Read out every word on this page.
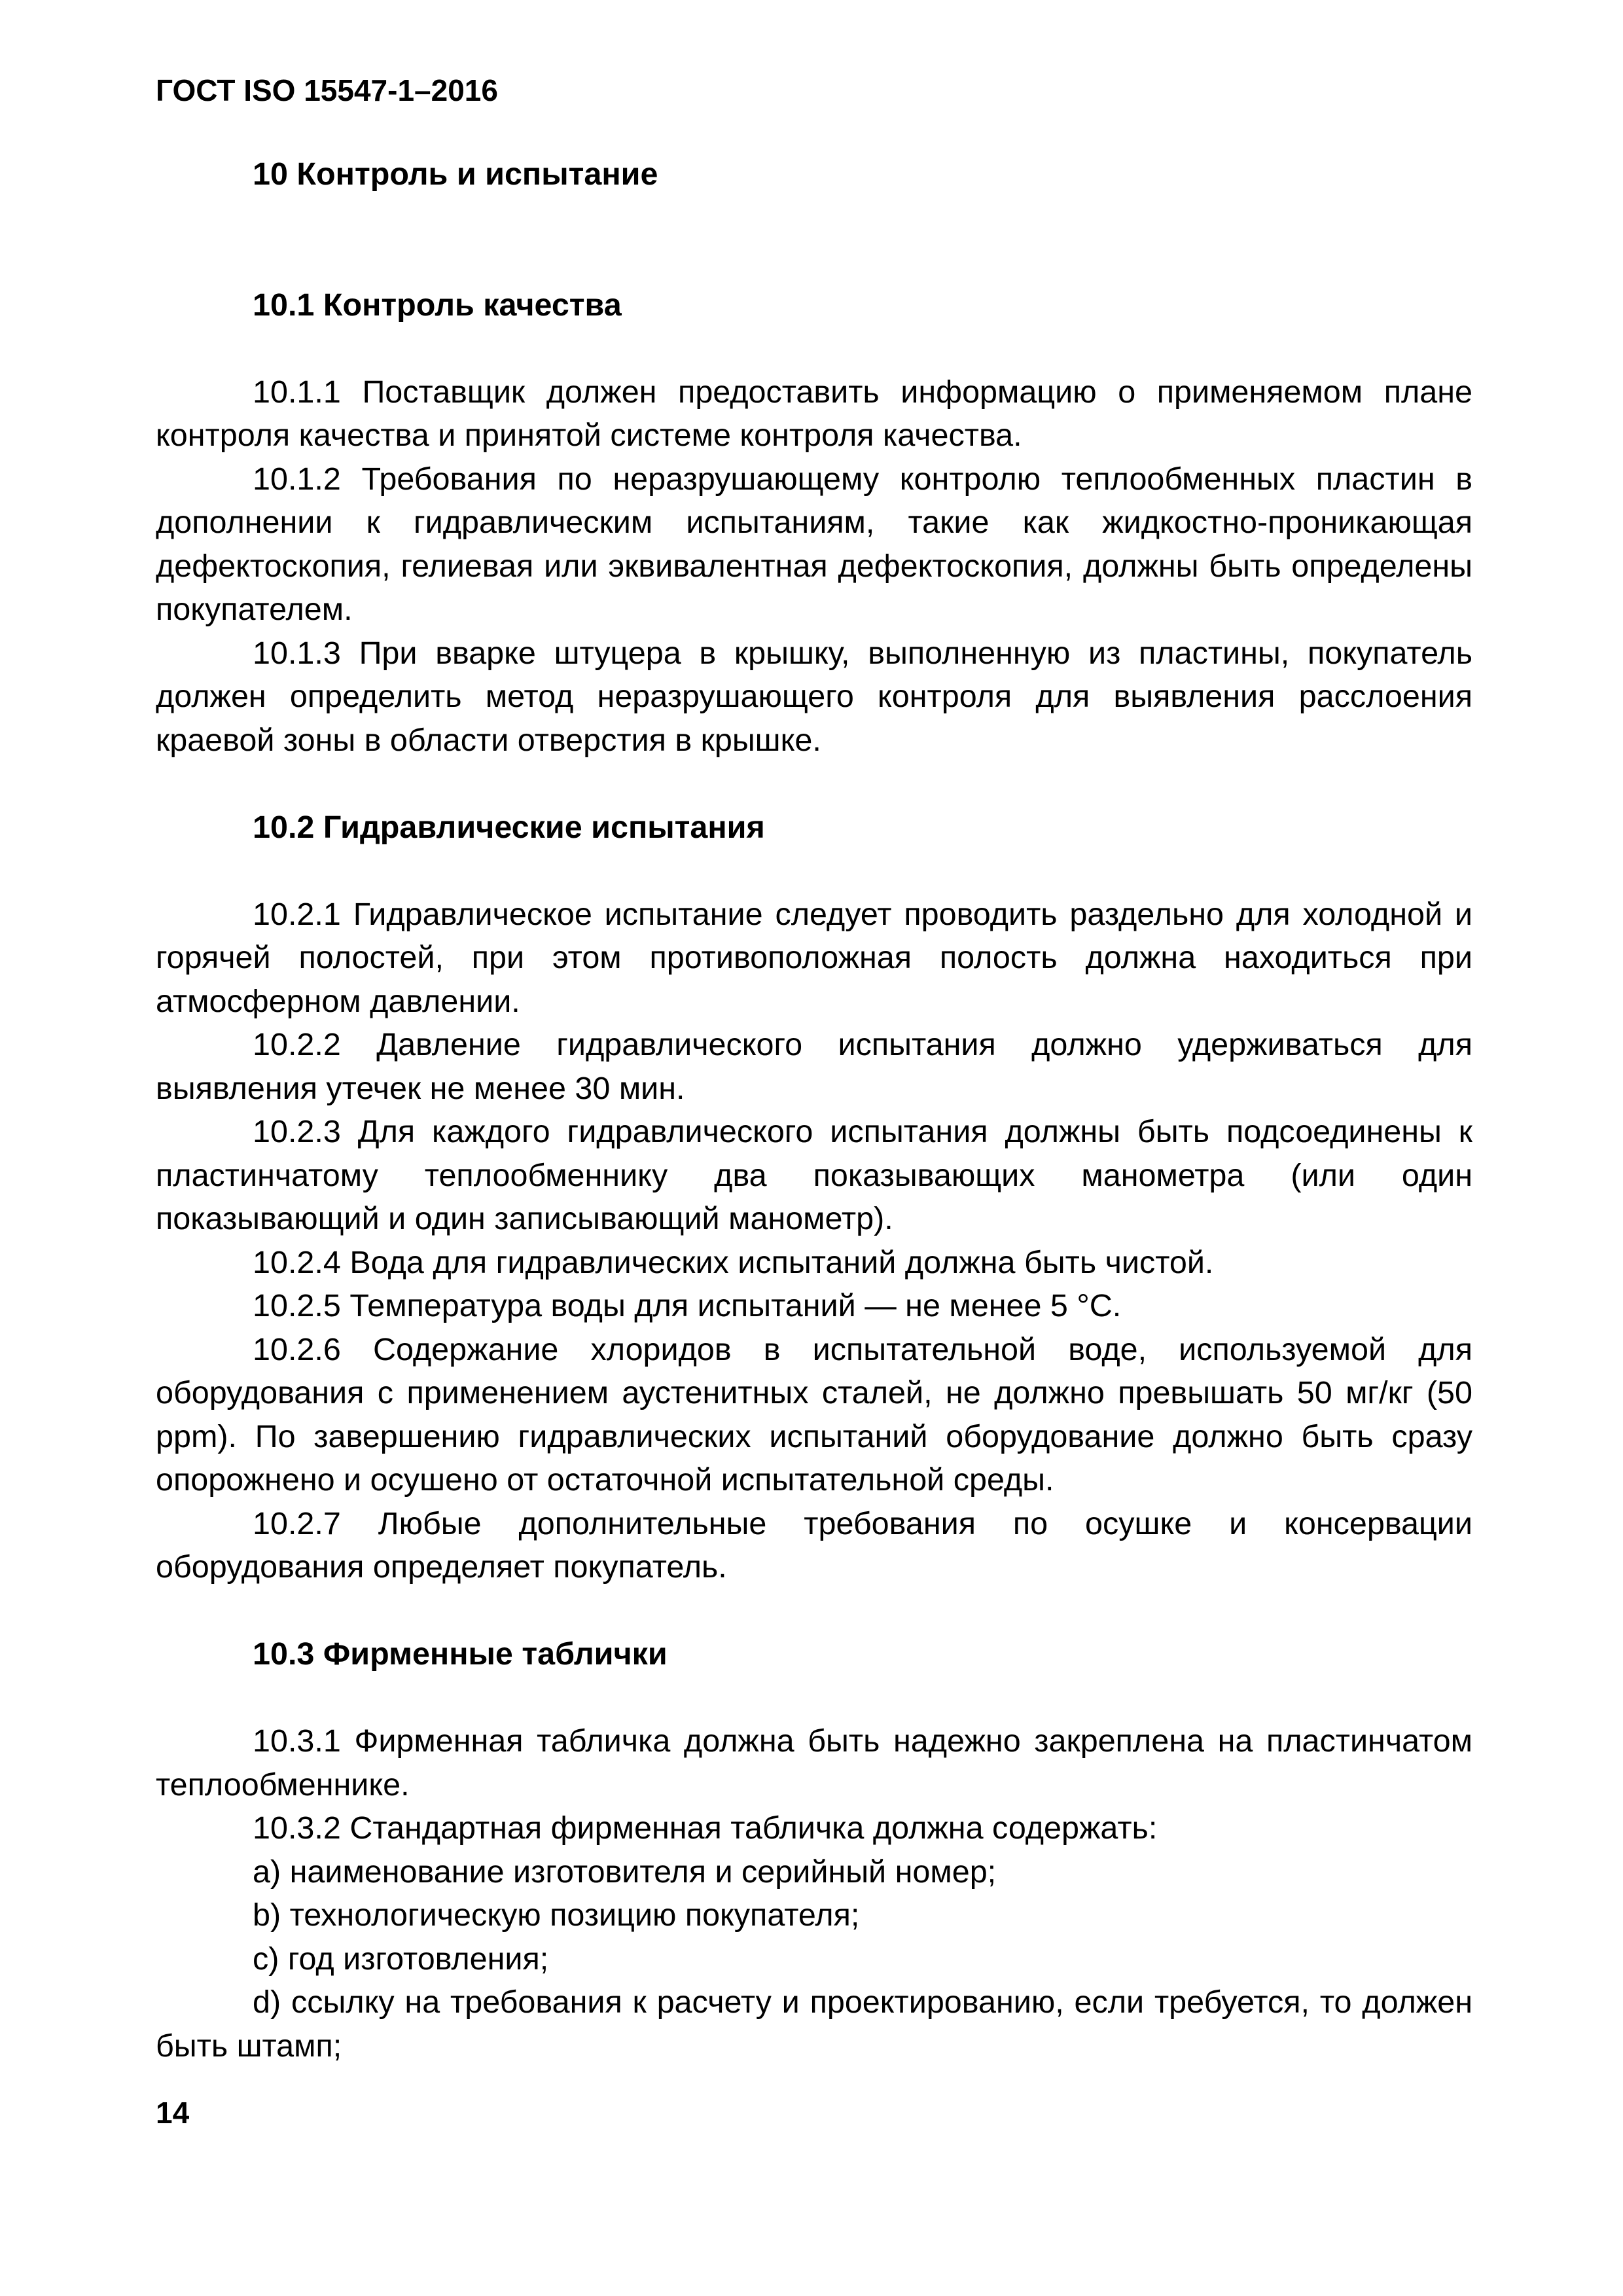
ГОСТ ISO 15547-1–2016
10 Контроль и испытание
10.1 Контроль качества

10.1.1 Поставщик должен предоставить информацию о применяемом плане контроля качества и принятой системе контроля качества.

10.1.2 Требования по неразрушающему контролю теплообменных пластин в дополнении к гидравлическим испытаниям, такие как жидкостно-проникающая дефектоскопия, гелиевая или эквивалентная дефектоскопия, должны быть определены покупателем.

10.1.3 При вварке штуцера в крышку, выполненную из пластины, покупатель должен определить метод неразрушающего контроля для выявления расслоения краевой зоны в области отверстия в крышке.

10.2 Гидравлические испытания

10.2.1 Гидравлическое испытание следует проводить раздельно для холодной и горячей полостей, при этом противоположная полость должна находиться при атмосферном давлении.

10.2.2 Давление гидравлического испытания должно удерживаться для выявления утечек не менее 30 мин.

10.2.3 Для каждого гидравлического испытания должны быть подсоединены к пластинчатому теплообменнику два показывающих манометра (или один показывающий и один записывающий манометр).

10.2.4 Вода для гидравлических испытаний должна быть чистой.

10.2.5 Температура воды для испытаний — не менее 5 °С.

10.2.6 Содержание хлоридов в испытательной воде, используемой для оборудования с применением аустенитных сталей, не должно превышать 50 мг/кг (50 ppm). По завершению гидравлических испытаний оборудование должно быть сразу опорожнено и осушено от остаточной испытательной среды.

10.2.7 Любые дополнительные требования по осушке и консервации оборудования определяет покупатель.

10.3 Фирменные таблички

10.3.1 Фирменная табличка должна быть надежно закреплена на пластинчатом теплообменнике.

10.3.2 Стандартная фирменная табличка должна содержать:

a) наименование изготовителя и серийный номер;

b) технологическую позицию покупателя;

c) год изготовления;

d) ссылку на требования к расчету и проектированию, если требуется, то должен быть штамп;

14
